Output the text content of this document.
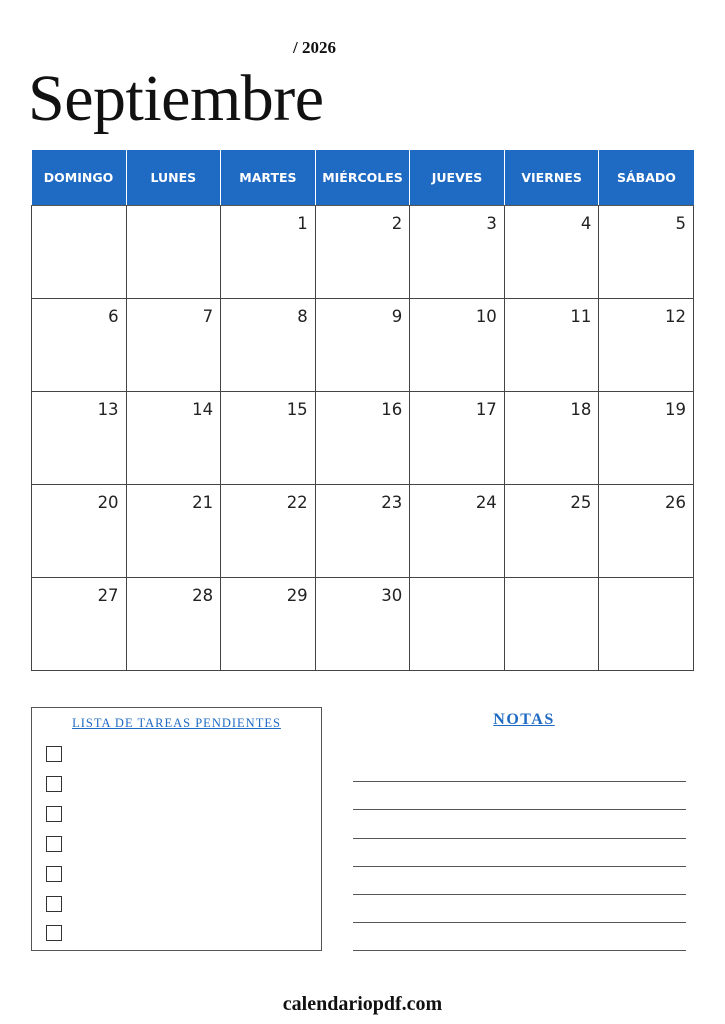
/ 2026
Septiembre
DOMINGO	LUNES	MARTES	MIÉRCOLES	JUEVES	VIERNES	SÁBADO

		1	2	3	4	5

6	7	8	9	10	11	12

13	14	15	16	17	18	19

20	21	22	23	24	25	26

27	28	29	30			

LISTA DE TAREAS PENDIENTES	NOTAS
calendariopdf.com
